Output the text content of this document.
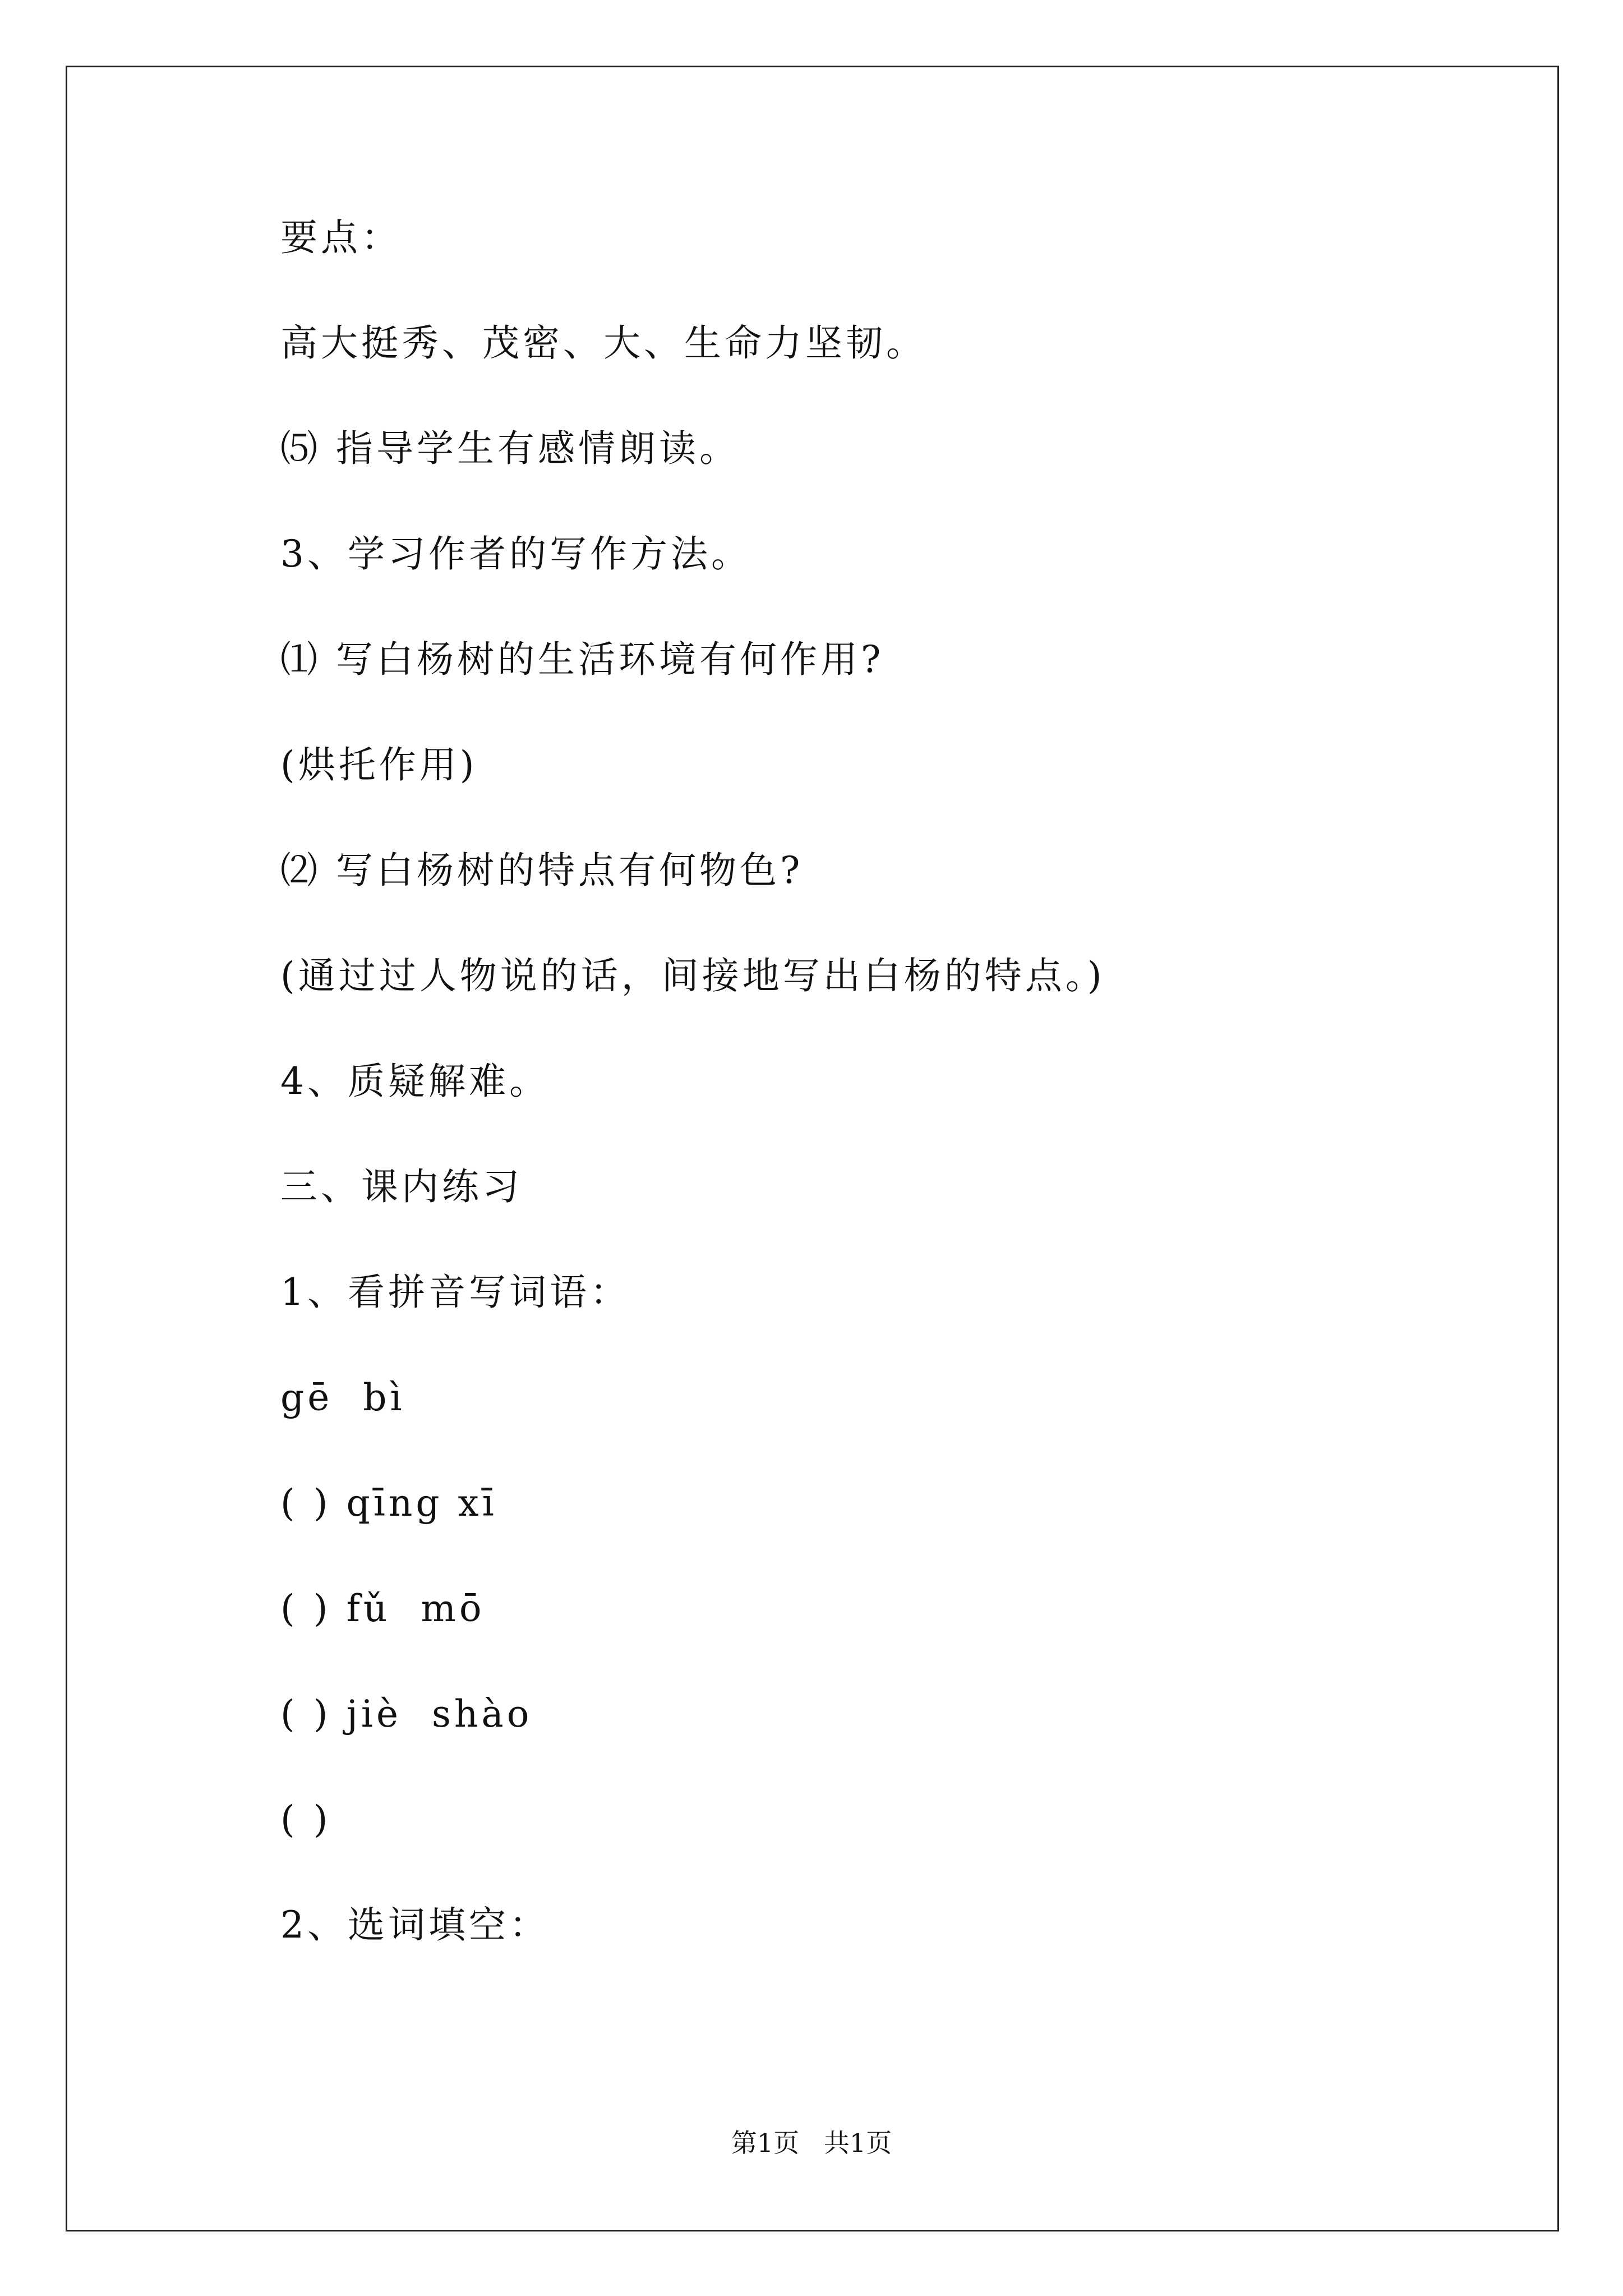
要点：
高大挺秀、茂密、大、生命力坚韧。
⑸ 指导学生有感情朗读。
3、学习作者的写作方法。
⑴ 写白杨树的生活环境有何作用?
(烘托作用)
⑵ 写白杨树的特点有何物色?
(通过过人物说的话，间接地写出白杨的特点。)
4、质疑解难。
三、课内练习
1、看拼音写词语：
gē  bì
( ) qīng xī
( ) fǔ  mō
( ) jiè  shào
( )
2、选词填空：
第1页   共1页
